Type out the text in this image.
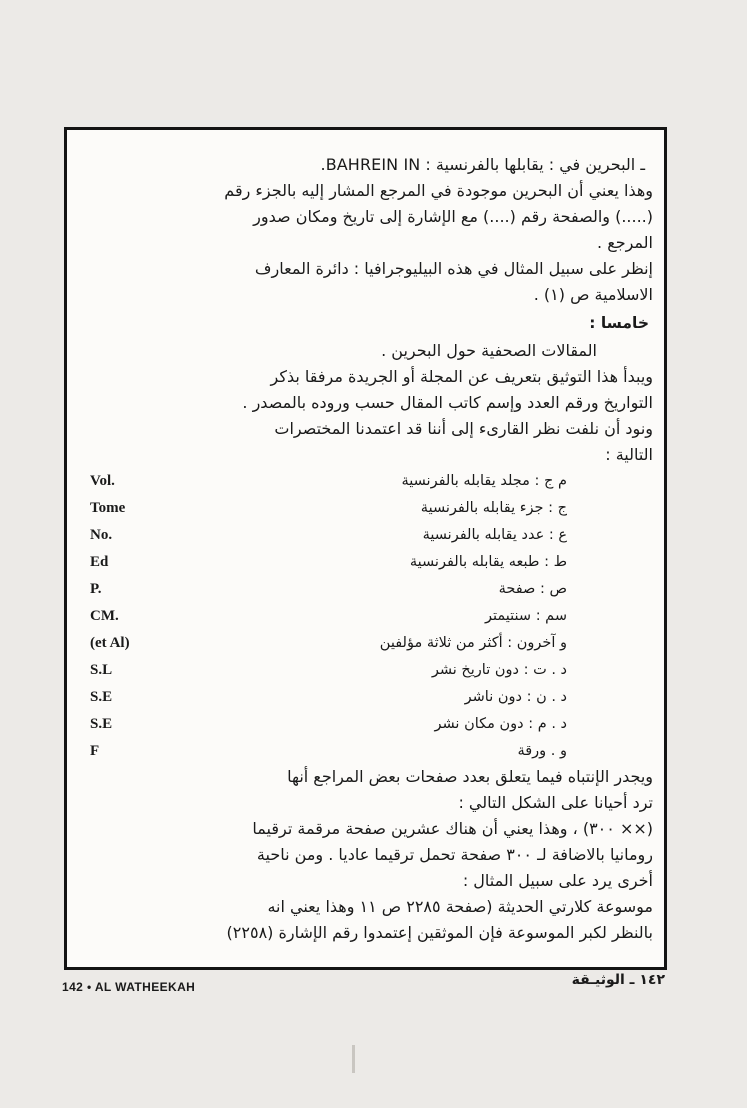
ـ البحرين في : يقابلها بالفرنسية : BAHREIN IN.
وهذا يعني أن البحرين موجودة في المرجع المشار إليه بالجزء رقم
(.....) والصفحة رقم (....) مع الإشارة إلى تاريخ ومكان صدور
المرجع .
إنظر على سبيل المثال في هذه البيليوجرافيا : دائرة المعارف
الاسلامية ص (١) .
خامسا :
المقالات الصحفية حول البحرين .
ويبدأ هذا التوثيق بتعريف عن المجلة أو الجريدة مرفقا بذكر
التواريخ ورقم العدد وإسم كاتب المقال حسب وروده بالمصدر .
ونود أن نلفت نظر القارىء إلى أننا قد اعتمدنا المختصرات
التالية :
م ج : مجلد يقابله بالفرنسية
Vol.
ج : جزء يقابله بالفرنسية
Tome
ع : عدد يقابله بالفرنسية
No.
ط : طبعه يقابله بالفرنسية
Ed
ص : صفحة
P.
سم : سنتيمتر
CM.
و آخرون : أكثر من ثلاثة مؤلفين
(et Al)
د . ت : دون تاريخ نشر
S.L
د . ن : دون ناشر
S.E
د . م : دون مكان نشر
S.E
و . ورقة
F
ويجدر الإنتباه فيما يتعلق بعدد صفحات بعض المراجع أنها
ترد أحيانا على الشكل التالي :
(×× ٣٠٠) ، وهذا يعني أن هناك عشرين صفحة مرقمة ترقيما
رومانيا بالاضافة لـ ٣٠٠ صفحة تحمل ترقيما عاديا . ومن ناحية
أخرى يرد على سبيل المثال :
موسوعة كلارتي الحديثة (صفحة ٢٢٨٥ ص ١١ وهذا يعني انه
بالنظر لكبر الموسوعة فإن الموثقين إعتمدوا رقم الإشارة (٢٢٥٨)
142 • AL WATHEEKAH	١٤٢ ـ الوثيـقة
